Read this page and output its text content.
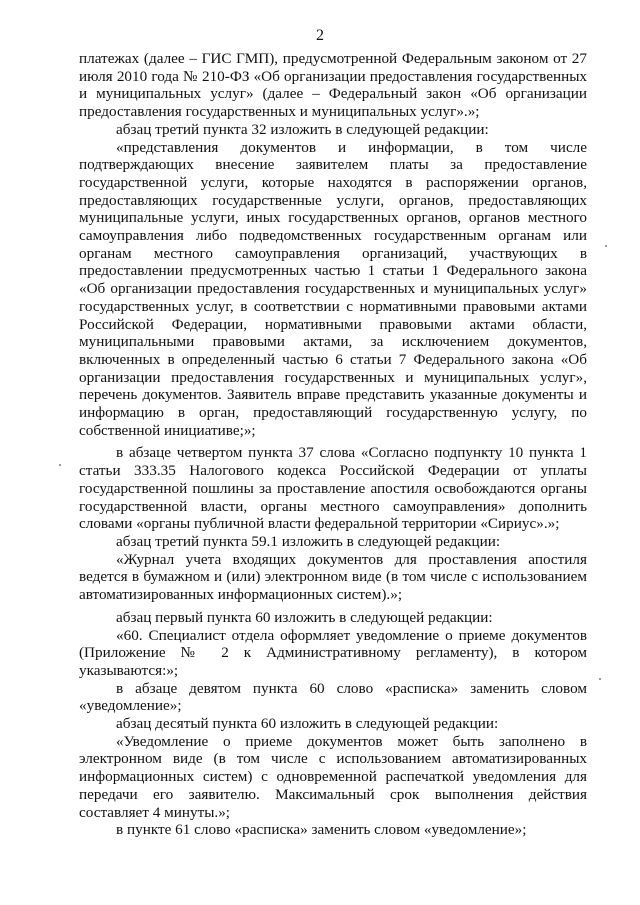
2

платежах (далее – ГИС ГМП), предусмотренной Федеральным законом от 27 июля 2010 года № 210-ФЗ «Об организации предоставления государственных и муниципальных услуг» (далее – Федеральный закон «Об организации предоставления государственных и муниципальных услуг».»;

абзац третий пункта 32 изложить в следующей редакции:

«представления документов и информации, в том числе подтверждающих внесение заявителем платы за предоставление государственной услуги, которые находятся в распоряжении органов, предоставляющих государственные услуги, органов, предоставляющих муниципальные услуги, иных государственных органов, органов местного самоуправления либо подведомственных государственным органам или органам местного самоуправления организаций, участвующих в предоставлении предусмотренных частью 1 статьи 1 Федерального закона «Об организации предоставления государственных и муниципальных услуг» государственных услуг, в соответствии с нормативными правовыми актами Российской Федерации, нормативными правовыми актами области, муниципальными правовыми актами, за исключением документов, включенных в определенный частью 6 статьи 7 Федерального закона «Об организации предоставления государственных и муниципальных услуг», перечень документов. Заявитель вправе представить указанные документы и информацию в орган, предоставляющий государственную услугу, по собственной инициативе;»;

в абзаце четвертом пункта 37 слова «Согласно подпункту 10 пункта 1 статьи 333.35 Налогового кодекса Российской Федерации от уплаты государственной пошлины за проставление апостиля освобождаются органы государственной власти, органы местного самоуправления» дополнить словами «органы публичной власти федеральной территории «Сириус».»;

абзац третий пункта 59.1 изложить в следующей редакции:

«Журнал учета входящих документов для проставления апостиля ведется в бумажном и (или) электронном виде (в том числе с использованием автоматизированных информационных систем).»;

абзац первый пункта 60 изложить в следующей редакции:

«60. Специалист отдела оформляет уведомление о приеме документов (Приложение № 2 к Административному регламенту), в котором указываются:»;

в абзаце девятом пункта 60 слово «расписка» заменить словом «уведомление»;

абзац десятый пункта 60 изложить в следующей редакции:

«Уведомление о приеме документов может быть заполнено в электронном виде (в том числе с использованием автоматизированных информационных систем) с одновременной распечаткой уведомления для передачи его заявителю. Максимальный срок выполнения действия составляет 4 минуты.»;

в пункте 61 слово «расписка» заменить словом «уведомление»;
